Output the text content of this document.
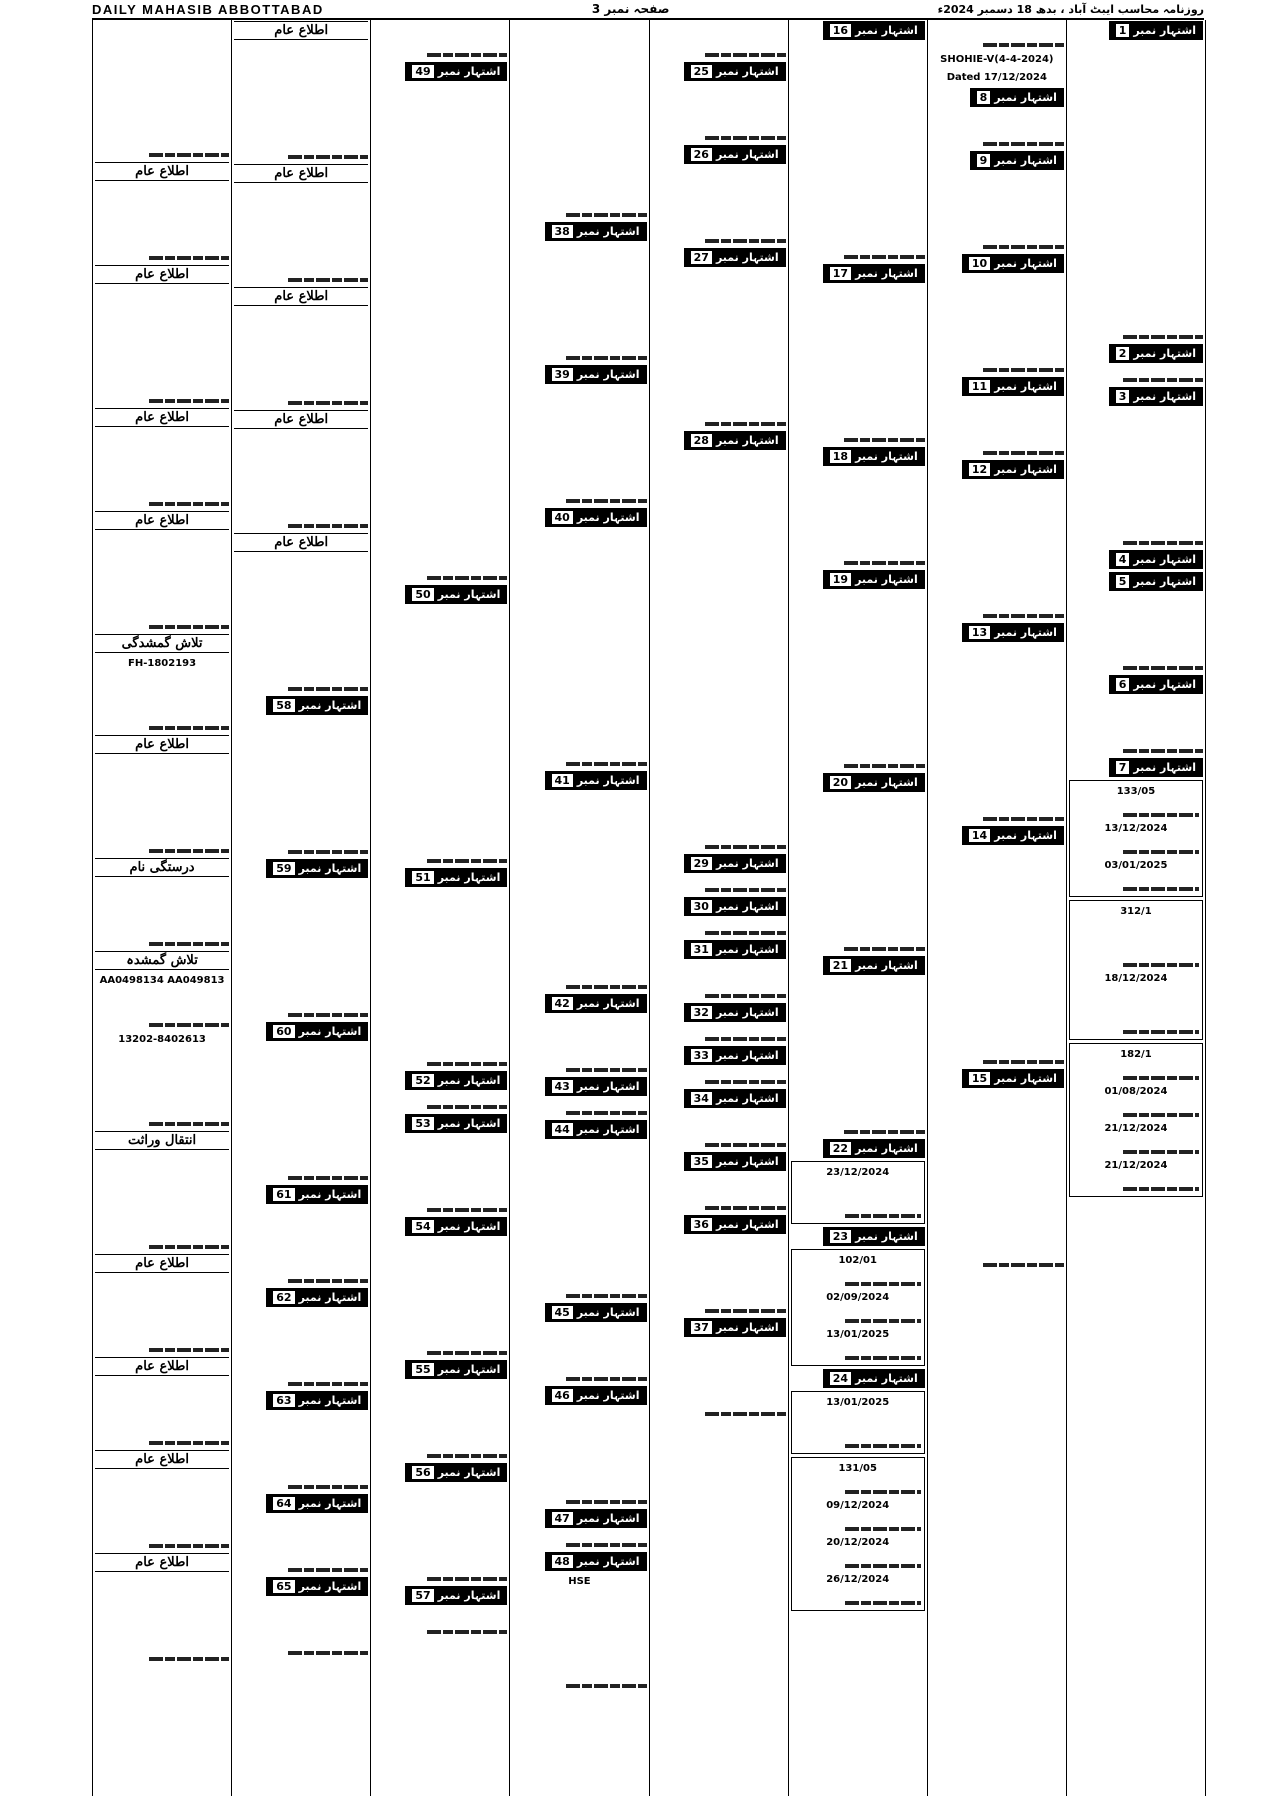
DAILY MAHASIB ABBOTTABAD	صفحہ نمبر 3	روزنامہ محاسب ایبٹ آباد ، بدھ 18 دسمبر 2024ء
اطلاع عام
اطلاع عام
اطلاع عام
اطلاع عام
تلاش گمشدگی
FH-1802193
اطلاع عام
درستگی نام
تلاش گمشدہ
AA0498134 AA049813
13202-8402613
انتقال وراثت
اطلاع عام
اطلاع عام
اطلاع عام
اطلاع عام
اطلاع عام
اطلاع عام
اطلاع عام
اطلاع عام
اطلاع عام
58 اشتہار نمبر
59 اشتہار نمبر
60 اشتہار نمبر
61 اشتہار نمبر
62 اشتہار نمبر
63 اشتہار نمبر
64 اشتہار نمبر
65 اشتہار نمبر
49 اشتہار نمبر
50 اشتہار نمبر
51 اشتہار نمبر
52 اشتہار نمبر
53 اشتہار نمبر
54 اشتہار نمبر
55 اشتہار نمبر
56 اشتہار نمبر
57 اشتہار نمبر
38 اشتہار نمبر
39 اشتہار نمبر
40 اشتہار نمبر
41 اشتہار نمبر
42 اشتہار نمبر
43 اشتہار نمبر
44 اشتہار نمبر
45 اشتہار نمبر
46 اشتہار نمبر
47 اشتہار نمبر
48 اشتہار نمبر
HSE
25 اشتہار نمبر
26 اشتہار نمبر
27 اشتہار نمبر
28 اشتہار نمبر
29 اشتہار نمبر
30 اشتہار نمبر
31 اشتہار نمبر
32 اشتہار نمبر
33 اشتہار نمبر
34 اشتہار نمبر
35 اشتہار نمبر
36 اشتہار نمبر
37 اشتہار نمبر
16 اشتہار نمبر
17 اشتہار نمبر
18 اشتہار نمبر
19 اشتہار نمبر
20 اشتہار نمبر
21 اشتہار نمبر
22 اشتہار نمبر
23/12/2024
23 اشتہار نمبر
102/01
02/09/2024
13/01/2025
24 اشتہار نمبر
13/01/2025
131/05
09/12/2024
20/12/2024
26/12/2024
SHOHIE-V(4-4-2024)
Dated 17/12/2024
8 اشتہار نمبر
9 اشتہار نمبر
10 اشتہار نمبر
11 اشتہار نمبر
12 اشتہار نمبر
13 اشتہار نمبر
14 اشتہار نمبر
15 اشتہار نمبر
1 اشتہار نمبر
2 اشتہار نمبر
3 اشتہار نمبر
4 اشتہار نمبر
5 اشتہار نمبر
6 اشتہار نمبر
7 اشتہار نمبر
133/05
13/12/2024
03/01/2025
312/1
18/12/2024
182/1
01/08/2024
21/12/2024
21/12/2024
